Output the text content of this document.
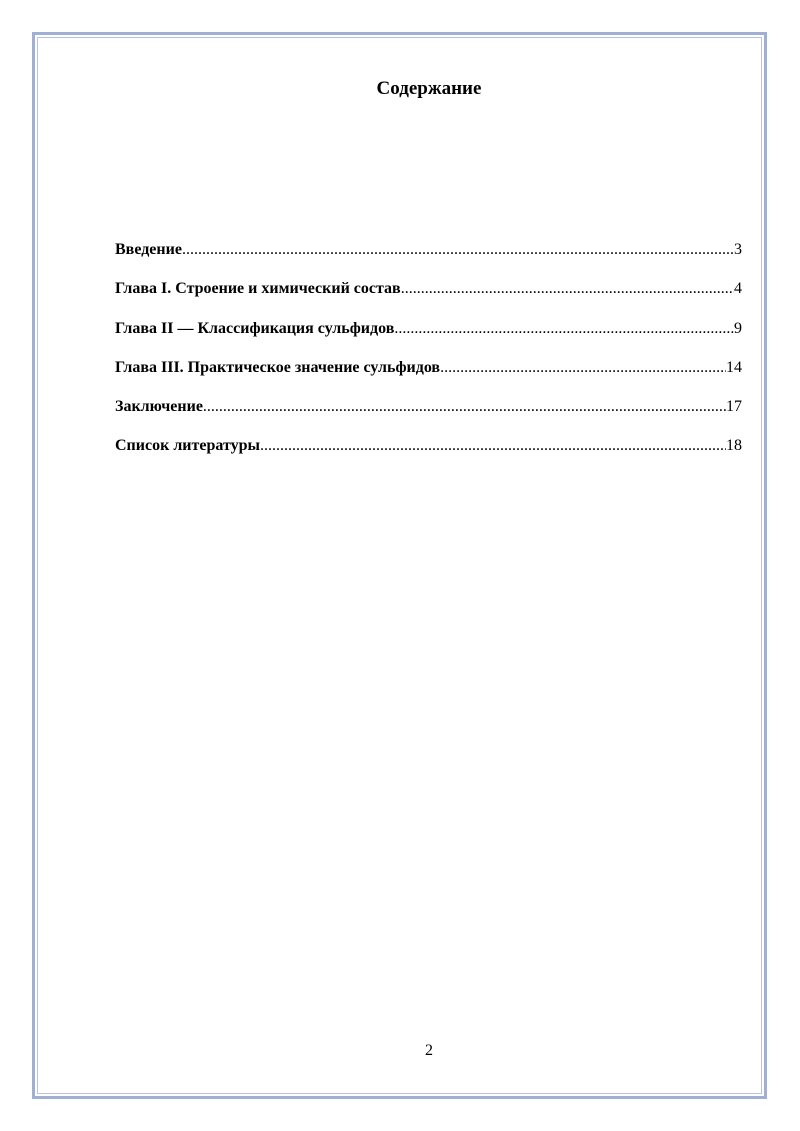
Содержание
Введение .....	3
Глава I. Строение и химический состав .....	4
Глава II — Классификация сульфидов .....	9
Глава III. Практическое значение сульфидов .....	14
Заключение .....	17
Список литературы .....	18
2
